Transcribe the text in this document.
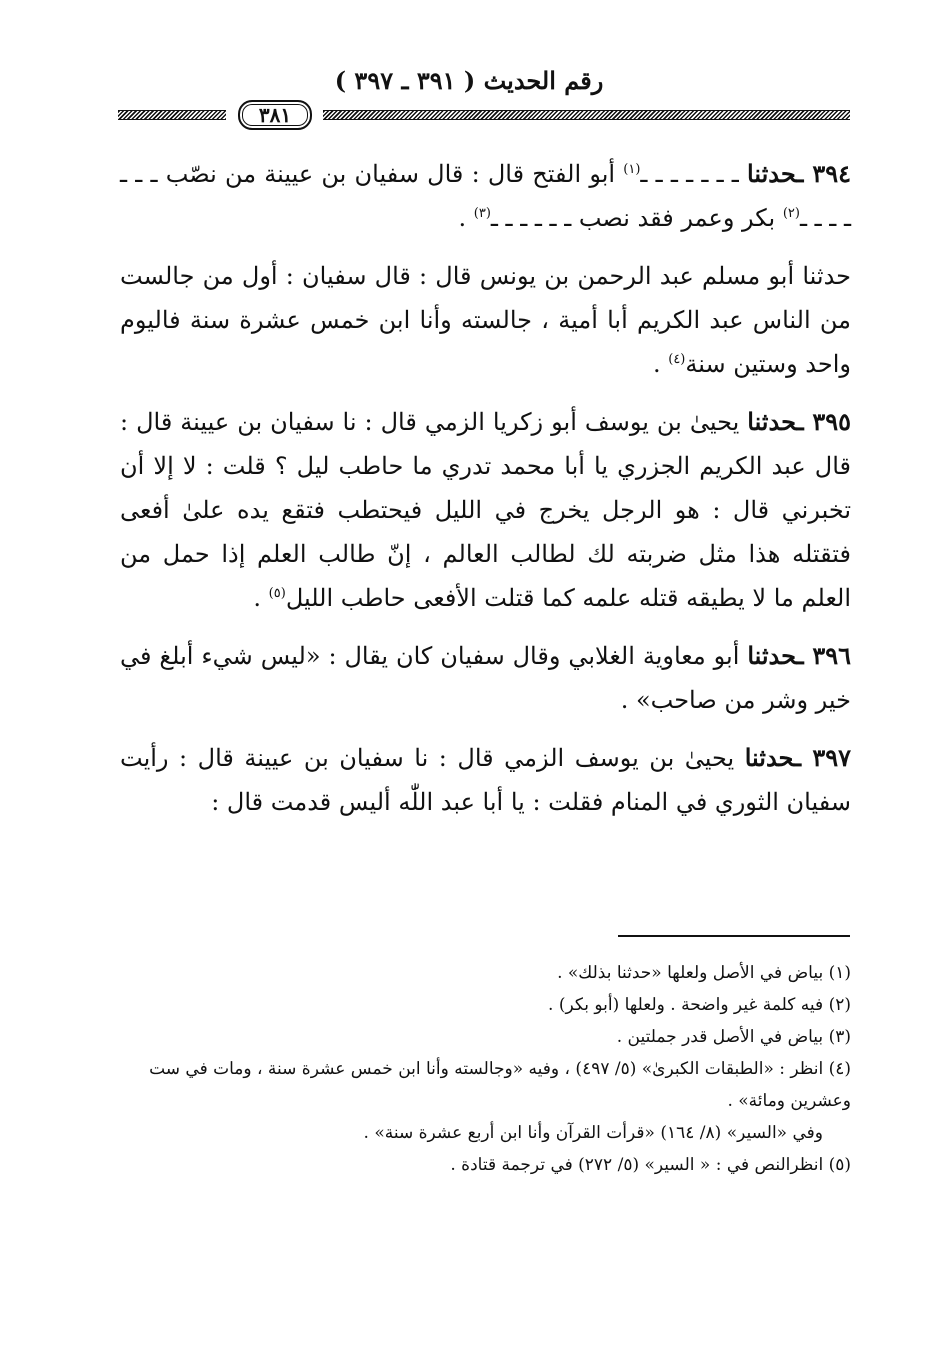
رقم الحديث ( ٣٩١ ـ ٣٩٧ )
٣٨١

٣٩٤ ـحدثنا ـ ـ ـ ـ ـ ـ ـ$^{(١)}$ أبو الفتح قال : قال سفيان بن عيينة من نصّب ـ ـ ـ ـ ـ ـ ـ$^{(٢)}$ بكر وعمر فقد نصب ـ ـ ـ ـ ـ ـ$^{(٣)}$ .

حدثنا أبو مسلم عبد الرحمن بن يونس قال : قال سفيان : أول من جالست من الناس عبد الكريم أبا أمية ، جالسته وأنا ابن خمس عشرة سنة فاليوم واحد وستين سنة$^{(٤)}$ .

٣٩٥ ـحدثنا يحيىٰ بن يوسف أبو زكريا الزمي قال : نا سفيان بن عيينة قال : قال عبد الكريم الجزري يا أبا محمد تدري ما حاطب ليل ؟ قلت : لا إلا أن تخبرني قال : هو الرجل يخرج في الليل فيحتطب فتقع يده علىٰ أفعى فتقتله هذا مثل ضربته لك لطالب العالم ، إنّ طالب العلم إذا حمل من العلم ما لا يطيقه قتله علمه كما قتلت الأفعى حاطب الليل$^{(٥)}$ .

٣٩٦ ـحدثنا أبو معاوية الغلابي وقال سفيان كان يقال : «ليس شيء أبلغ في خير وشر من صاحب» .

٣٩٧ ـحدثنا يحيىٰ بن يوسف الزمي قال : نا سفيان بن عيينة قال : رأيت سفيان الثوري في المنام فقلت : يا أبا عبد اللّٰه أليس قدمت قال :

(١) بياض في الأصل ولعلها «حدثنا بذلك» .

(٢) فيه كلمة غير واضحة . ولعلها (أبو بكر) .

(٣) بياض في الأصل قدر جملتين .

(٤) انظر : «الطبقات الكبرىٰ» (٥/ ٤٩٧) ، وفيه «وجالسته وأنا ابن خمس عشرة سنة ، ومات في ست وعشرين ومائة» .

وفي «السير» (٨/ ١٦٤) «قرأت القرآن وأنا ابن أربع عشرة سنة» .

(٥) انظرالنص في : « السير» (٥/ ٢٧٢) في ترجمة قتادة .
